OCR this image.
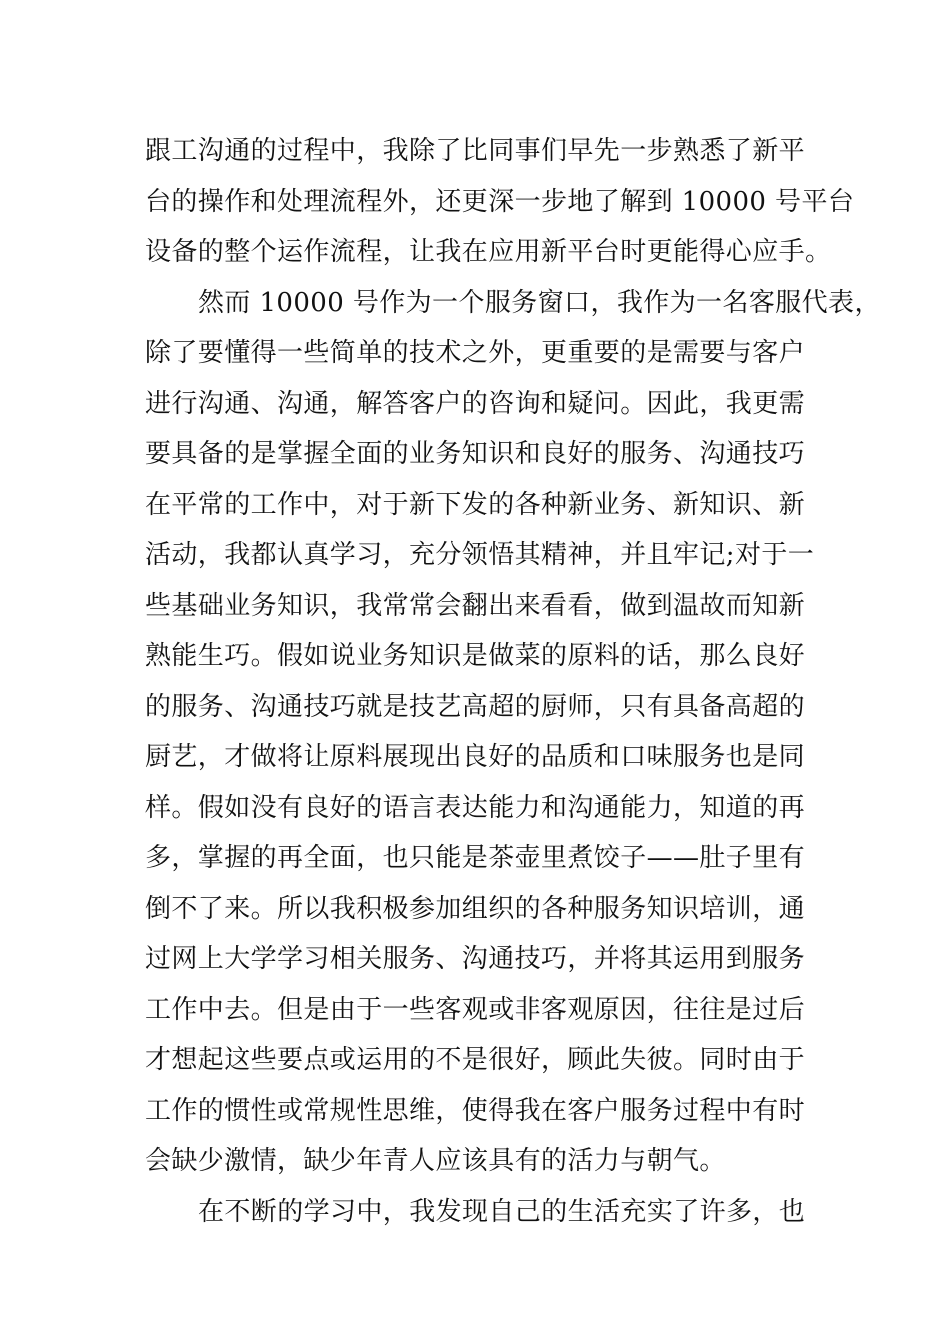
跟工沟通的过程中，我除了比同事们早先一步熟悉了新平
台的操作和处理流程外，还更深一步地了解到 10000 号平台
设备的整个运作流程，让我在应用新平台时更能得心应手。
然而 10000 号作为一个服务窗口，我作为一名客服代表，
除了要懂得一些简单的技术之外，更重要的是需要与客户
进行沟通、沟通，解答客户的咨询和疑问。因此，我更需
要具备的是掌握全面的业务知识和良好的服务、沟通技巧
在平常的工作中，对于新下发的各种新业务、新知识、新
活动，我都认真学习，充分领悟其精神，并且牢记;对于一
些基础业务知识，我常常会翻出来看看，做到温故而知新
熟能生巧。假如说业务知识是做菜的原料的话，那么良好
的服务、沟通技巧就是技艺高超的厨师，只有具备高超的
厨艺，才做将让原料展现出良好的品质和口味服务也是同
样。假如没有良好的语言表达能力和沟通能力，知道的再
多，掌握的再全面，也只能是茶壶里煮饺子——肚子里有
倒不了来。所以我积极参加组织的各种服务知识培训，通
过网上大学学习相关服务、沟通技巧，并将其运用到服务
工作中去。但是由于一些客观或非客观原因，往往是过后
才想起这些要点或运用的不是很好，顾此失彼。同时由于
工作的惯性或常规性思维，使得我在客户服务过程中有时
会缺少激情，缺少年青人应该具有的活力与朝气。
在不断的学习中，我发现自己的生活充实了许多，也
